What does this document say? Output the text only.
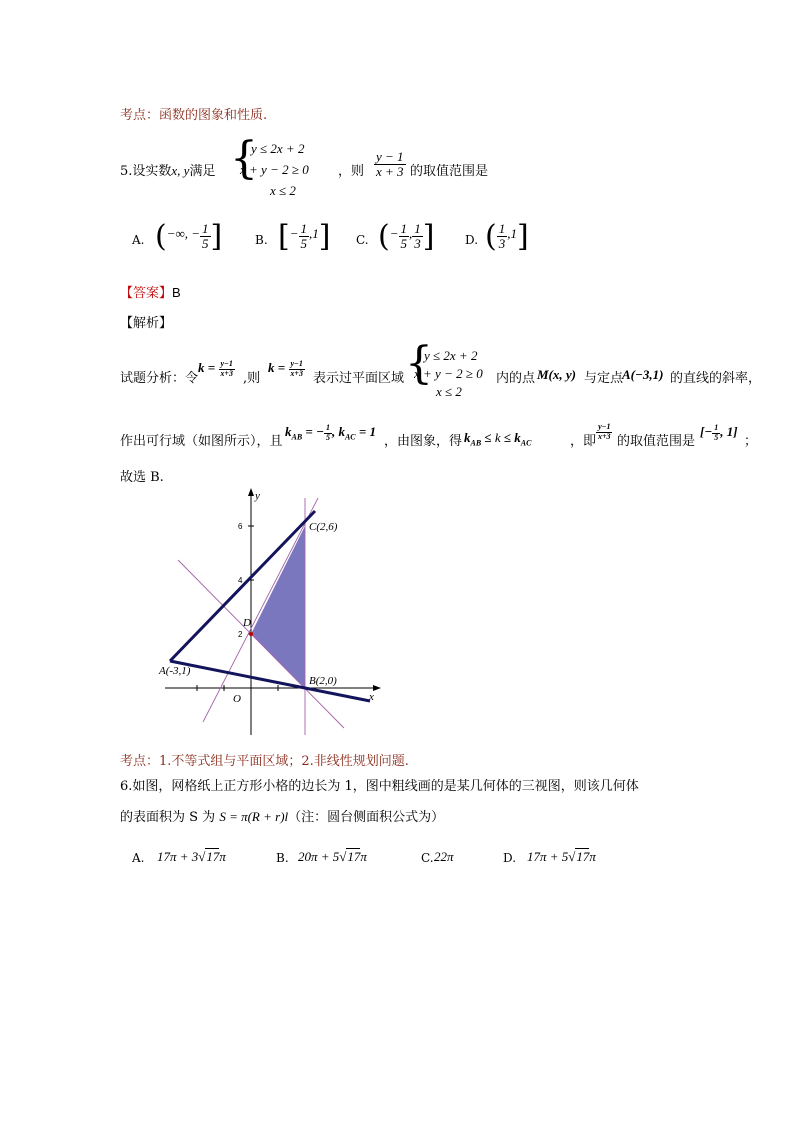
考点：函数的图象和性质.
5.设实数x, y满足 {
y ≤ 2x + 2
x + y − 2 ≥ 0
x ≤ 2
，则 $\frac{y - 1}{x + 3}$ 的取值范围是
A. (−∞, − $\frac{1}{5}$ ]	B. [− $\frac{1}{5} ,1$] C. (− $\frac{1}{5}$ , $\frac{1}{3}$ ]	D. ( $\frac{1}{3} ,1$]
【答案】B
【解析】
试题分析：令
$k = \frac{y-1}{x+3}$
,则
$k = \frac{y-1}{x+3}$
表示过平面区域 {
y ≤ 2x + 2
x + y − 2 ≥ 0
x ≤ 2
内的点 M(x, y) 与定点
A(−3,1) 的直线的斜率，
作出可行域（如图所示），且
$k_{AB}$ = − $\frac{1}{5}$ , $k_{AC} = 1$
，由图象，得 $k_{AB} \le k \le k_{AC}$	，即
$\frac{y-1}{x+3}$
的取值范围是
[− $\frac{1}{5}$ , 1]
；
故选 B.
y
x
O
6
4
2
A(-3,1)
B(2,0)
C(2,6)
D
考点：1.不等式组与平面区域；2.非线性规划问题.
6.如图，网格纸上正方形小格的边长为 1，图中粗线画的是某几何体的三视图，则该几何体
的表面积为 S 为 S = π(R + r)l（注：圆台侧面积公式为）
A. 17π + 3√17π	B. 20π + 5√17π	C. 22π	D. 17π + 5√17π
